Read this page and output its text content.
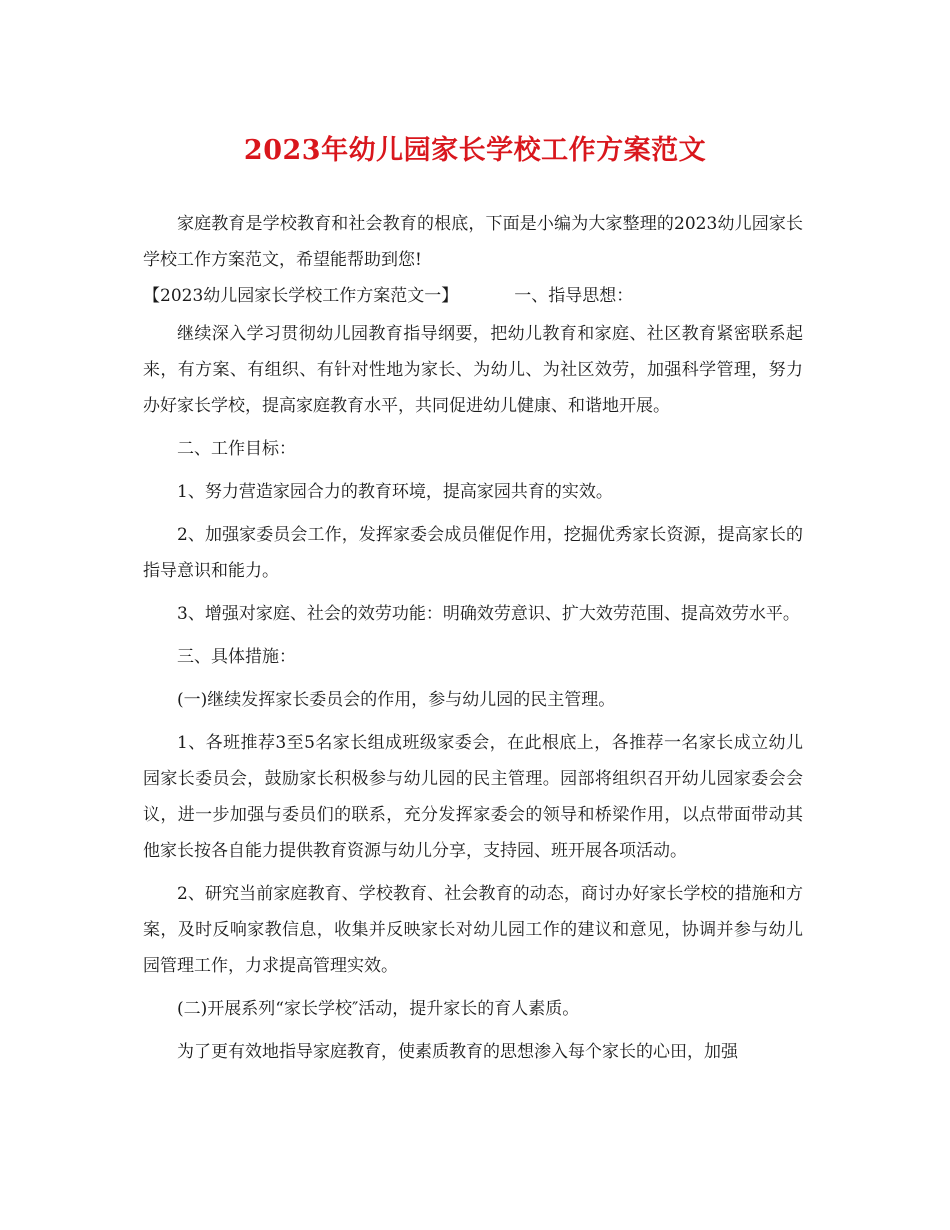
2023年幼儿园家长学校工作方案范文

家庭教育是学校教育和社会教育的根底，下面是小编为大家整理的2023幼儿园家长学校工作方案范文，希望能帮助到您!

【2023幼儿园家长学校工作方案范文一】	一、指导思想：

继续深入学习贯彻幼儿园教育指导纲要，把幼儿教育和家庭、社区教育紧密联系起来，有方案、有组织、有针对性地为家长、为幼儿、为社区效劳，加强科学管理，努力办好家长学校，提高家庭教育水平，共同促进幼儿健康、和谐地开展。

二、工作目标：

1、努力营造家园合力的教育环境，提高家园共育的实效。

2、加强家委员会工作，发挥家委会成员催促作用，挖掘优秀家长资源，提高家长的指导意识和能力。

3、增强对家庭、社会的效劳功能：明确效劳意识、扩大效劳范围、提高效劳水平。

三、具体措施：

(一)继续发挥家长委员会的作用，参与幼儿园的民主管理。

1、各班推荐3至5名家长组成班级家委会，在此根底上，各推荐一名家长成立幼儿园家长委员会，鼓励家长积极参与幼儿园的民主管理。园部将组织召开幼儿园家委会会议，进一步加强与委员们的联系，充分发挥家委会的领导和桥梁作用，以点带面带动其他家长按各自能力提供教育资源与幼儿分享，支持园、班开展各项活动。

2、研究当前家庭教育、学校教育、社会教育的动态，商讨办好家长学校的措施和方案，及时反响家教信息，收集并反映家长对幼儿园工作的建议和意见，协调并参与幼儿园管理工作，力求提高管理实效。

(二)开展系列“家长学校″活动，提升家长的育人素质。

为了更有效地指导家庭教育，使素质教育的思想渗入每个家长的心田，加强
